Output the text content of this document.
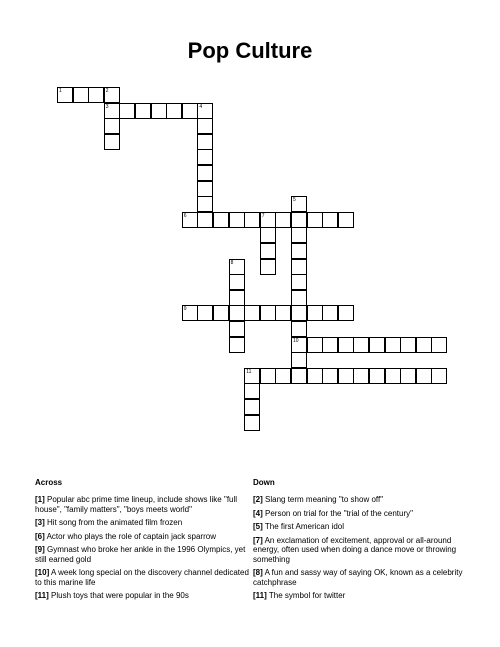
Pop Culture
1	2
3	4
5
10
6	7
8
9
11
Across	Down
[1] Popular abc prime time lineup, include shows like "full house", "family matters", "boys meets world"
[3] Hit song from the animated film frozen
[6] Actor who plays the role of captain jack sparrow
[9] Gymnast who broke her ankle in the 1996 Olympics, yet still earned gold
[10] A week long special on the discovery channel dedicated to this marine life
[11] Plush toys that were popular in the 90s
[2] Slang term meaning "to show off"
[4] Person on trial for the "trial of the century"
[5] The first American idol
[7] An exclamation of excitement, approval or all-around energy, often used when doing a dance move or throwing something
[8] A fun and sassy way of saying OK, known as a celebrity catchphrase
[11] The symbol for twitter
